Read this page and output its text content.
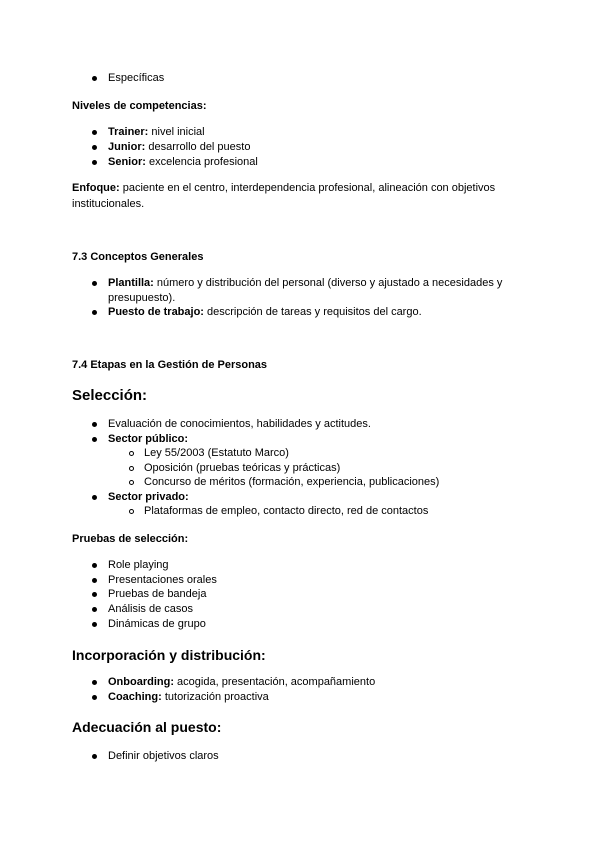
Específicas
Niveles de competencias:
Trainer: nivel inicial
Junior: desarrollo del puesto
Senior: excelencia profesional
Enfoque: paciente en el centro, interdependencia profesional, alineación con objetivos
institucionales.
7.3 Conceptos Generales
Plantilla: número y distribución del personal (diverso y ajustado a necesidades y
presupuesto).
Puesto de trabajo: descripción de tareas y requisitos del cargo.
7.4 Etapas en la Gestión de Personas
Selección:
Evaluación de conocimientos, habilidades y actitudes.
Sector público:
Ley 55/2003 (Estatuto Marco)
Oposición (pruebas teóricas y prácticas)
Concurso de méritos (formación, experiencia, publicaciones)
Sector privado:
Plataformas de empleo, contacto directo, red de contactos
Pruebas de selección:
Role playing
Presentaciones orales
Pruebas de bandeja
Análisis de casos
Dinámicas de grupo
Incorporación y distribución:
Onboarding: acogida, presentación, acompañamiento
Coaching: tutorización proactiva
Adecuación al puesto:
Definir objetivos claros
